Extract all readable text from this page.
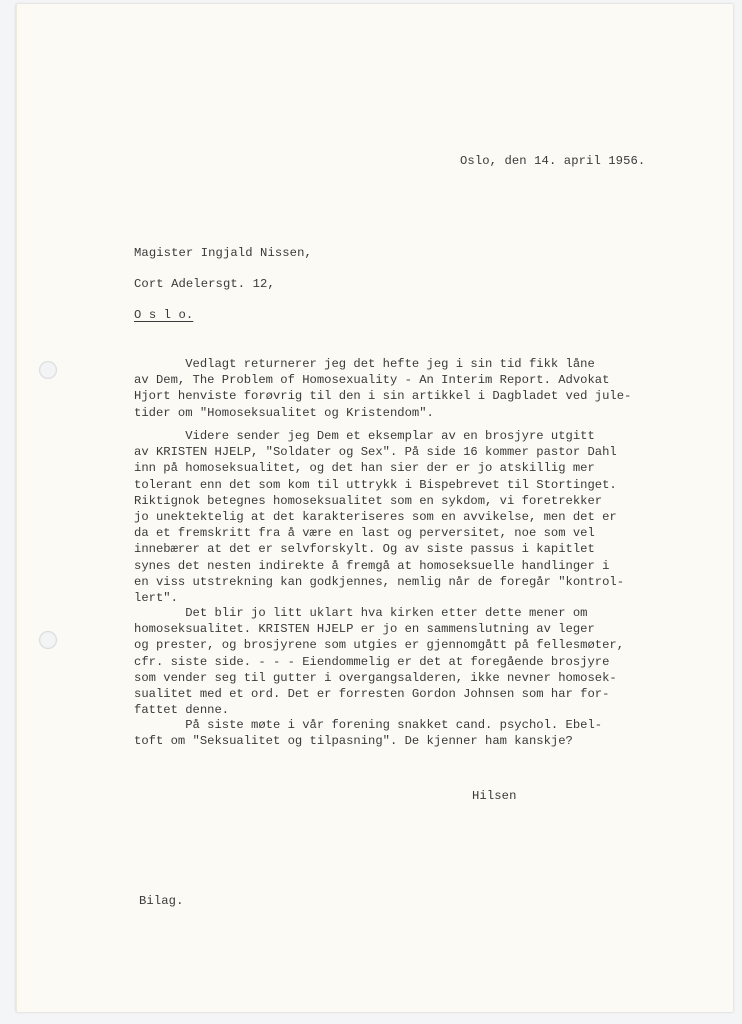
Oslo, den 14. april 1956.

Magister Ingjald Nissen,

Cort Adelersgt. 12,

O s l o.

Vedlagt returnerer jeg det hefte jeg i sin tid fikk låne
av Dem, The Problem of Homosexuality - An Interim Report. Advokat
Hjort henviste forøvrig til den i sin artikkel i Dagbladet ved jule-
tider om "Homoseksualitet og Kristendom".
Videre sender jeg Dem et eksemplar av en brosjyre utgitt
av KRISTEN HJELP, "Soldater og Sex". På side 16 kommer pastor Dahl
inn på homoseksualitet, og det han sier der er jo atskillig mer
tolerant enn det som kom til uttrykk i Bispebrevet til Stortinget.
Riktignok betegnes homoseksualitet som en sykdom, vi foretrekker
jo unektektelig at det karakteriseres som en avvikelse, men det er
da et fremskritt fra å være en last og perversitet, noe som vel
innebærer at det er selvforskylt. Og av siste passus i kapitlet
synes det nesten indirekte å fremgå at homoseksuelle handlinger i
en viss utstrekning kan godkjennes, nemlig når de foregår "kontrol-
lert".
Det blir jo litt uklart hva kirken etter dette mener om
homoseksualitet. KRISTEN HJELP er jo en sammenslutning av leger
og prester, og brosjyrene som utgies er gjennomgått på fellesmøter,
cfr. siste side. - - - Eiendommelig er det at foregående brosjyre
som vender seg til gutter i overgangsalderen, ikke nevner homosek-
sualitet med et ord. Det er forresten Gordon Johnsen som har for-
fattet denne.
På siste møte i vår forening snakket cand. psychol. Ebel-
toft om "Seksualitet og tilpasning". De kjenner ham kanskje?

Hilsen

Bilag.
